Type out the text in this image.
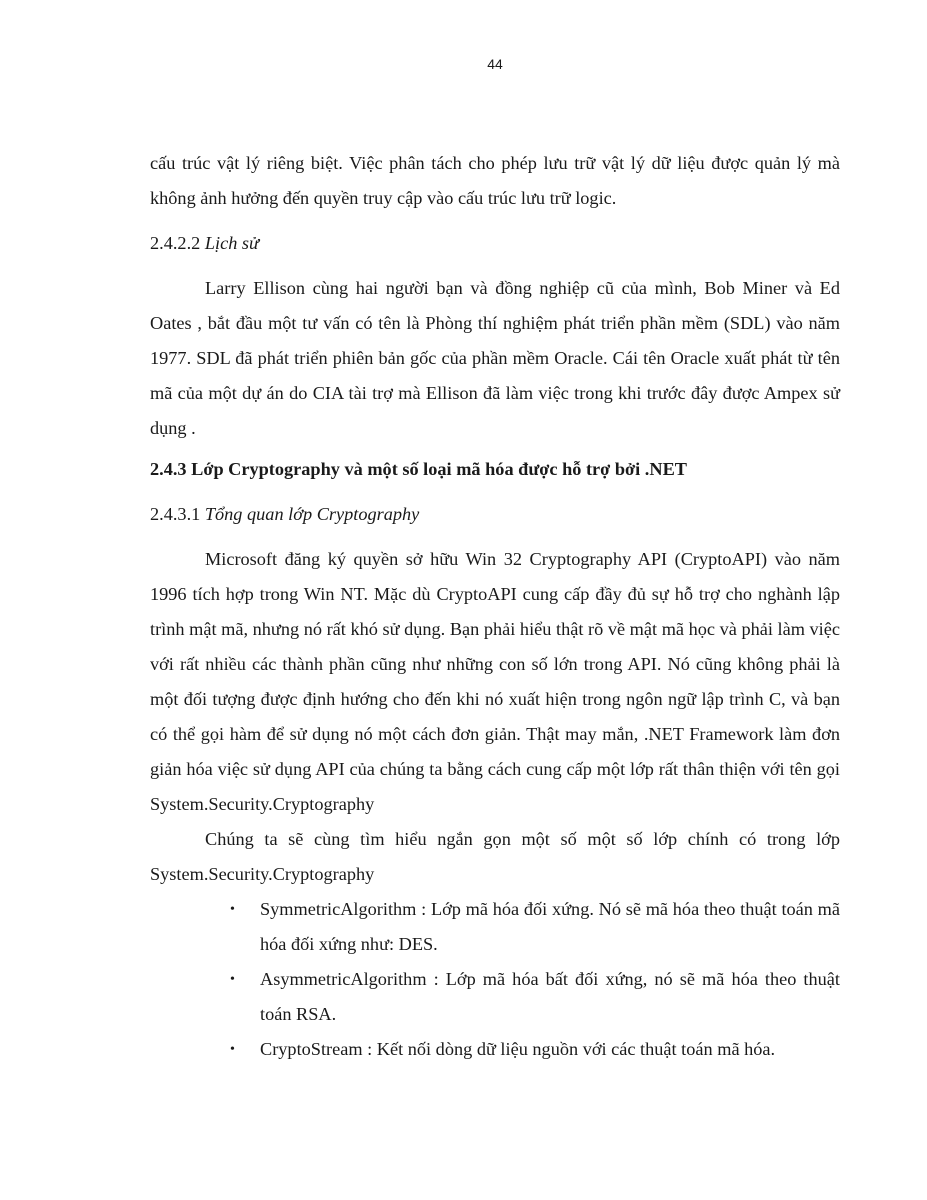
44

cấu trúc vật lý riêng biệt. Việc phân tách cho phép lưu trữ vật lý dữ liệu được quản lý mà không ảnh hưởng đến quyền truy cập vào cấu trúc lưu trữ logic.

2.4.2.2 Lịch sử

Larry Ellison cùng hai người bạn và đồng nghiệp cũ của mình, Bob Miner và Ed Oates , bắt đầu một tư vấn có tên là Phòng thí nghiệm phát triển phần mềm (SDL) vào năm 1977. SDL đã phát triển phiên bản gốc của phần mềm Oracle. Cái tên Oracle xuất phát từ tên mã của một dự án do CIA tài trợ mà Ellison đã làm việc trong khi trước đây được Ampex sử dụng .

2.4.3 Lớp Cryptography và một số loại mã hóa được hỗ trợ bởi .NET

2.4.3.1 Tổng quan lớp Cryptography

Microsoft đăng ký quyền sở hữu Win 32 Cryptography API (CryptoAPI) vào năm 1996 tích hợp trong Win NT. Mặc dù CryptoAPI cung cấp đầy đủ sự hỗ trợ cho nghành lập trình mật mã, nhưng nó rất khó sử dụng. Bạn phải hiểu thật rõ về mật mã học và phải làm việc với rất nhiều các thành phần cũng như những con số lớn trong API. Nó cũng không phải là một đối tượng được định hướng cho đến khi nó xuất hiện trong ngôn ngữ lập trình C, và bạn có thể gọi hàm để sử dụng nó một cách đơn giản. Thật may mắn, .NET Framework làm đơn giản hóa việc sử dụng API của chúng ta bằng cách cung cấp một lớp rất thân thiện với tên gọi System.Security.Cryptography

Chúng ta sẽ cùng tìm hiểu ngắn gọn một số một số lớp chính có trong lớp System.Security.Cryptography

• SymmetricAlgorithm : Lớp mã hóa đối xứng. Nó sẽ mã hóa theo thuật toán mã hóa đối xứng như: DES.
• AsymmetricAlgorithm : Lớp mã hóa bất đối xứng, nó sẽ mã hóa theo thuật toán RSA.
• CryptoStream : Kết nối dòng dữ liệu nguồn với các thuật toán mã hóa.
